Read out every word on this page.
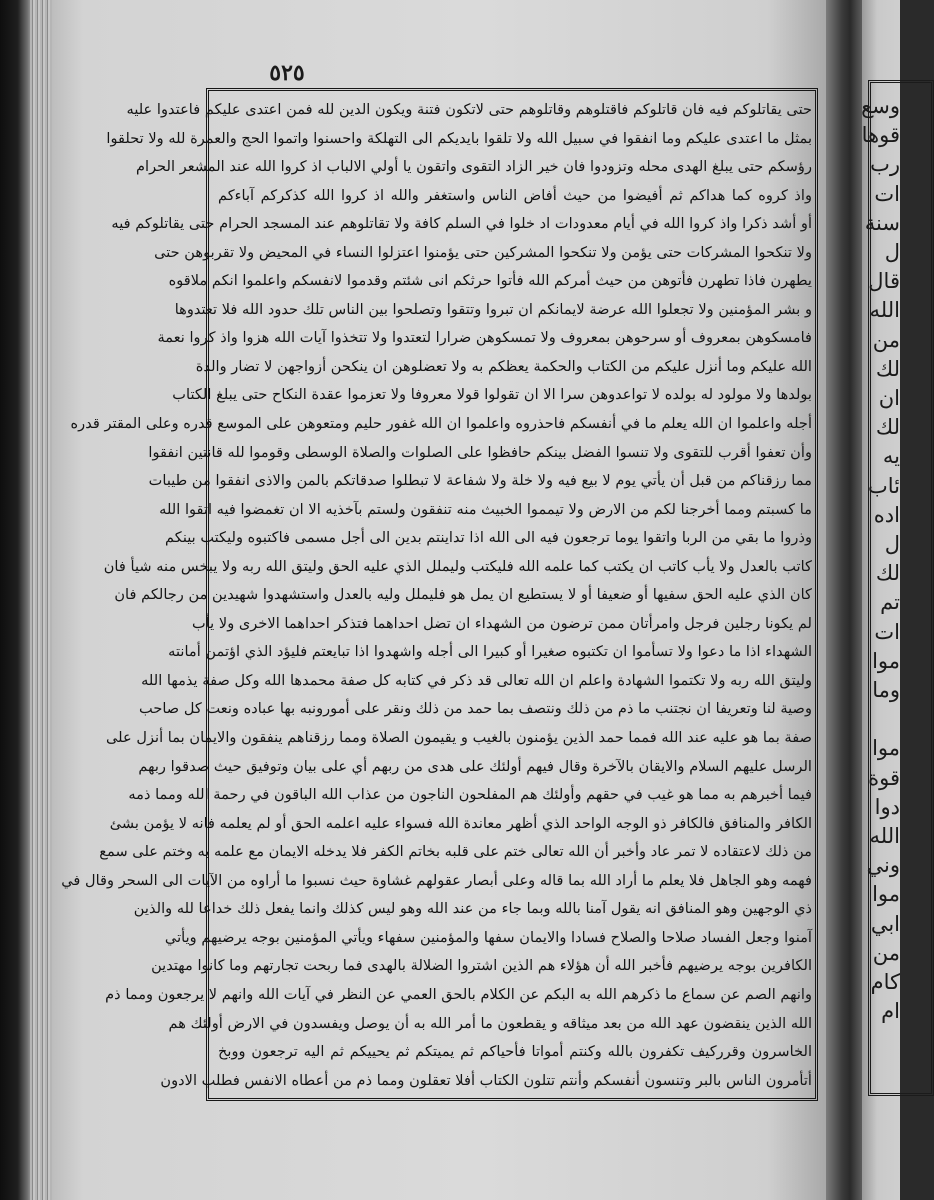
٥٢٥
حتى يقاتلوكم فيه فان قاتلوكم فاقتلوهم وقاتلوهم حتى لاتكون فتنة ويكون الدين لله فمن اعتدى عليكم فاعتدوا عليه
بمثل ما اعتدى عليكم وما انفقوا في سبيل الله ولا تلقوا بايديكم الى التهلكة واحسنوا واتموا الحج والعمرة لله ولا تحلقوا
رؤسكم حتى يبلغ الهدى محله وتزودوا فان خير الزاد التقوى واتقون يا أولي الالباب اذ كروا الله عند المشعر الحرام
واذ كروه كما هداكم ثم أفيضوا من حيث أفاض الناس واستغفر والله اذ كروا الله كذكركم آباءكم
أو أشد ذكرا واذ كروا الله في أيام معدودات اد خلوا في السلم كافة ولا تقاتلوهم عند المسجد الحرام حتى يقاتلوكم فيه
ولا تنكحوا المشركات حتى يؤمن ولا تنكحوا المشركين حتى يؤمنوا اعتزلوا النساء في المحيض ولا تقربوهن حتى
يطهرن فاذا تطهرن فأتوهن من حيث أمركم الله فأتوا حرثكم انى شئتم وقدموا لانفسكم واعلموا انكم ملاقوه
و بشر المؤمنين ولا تجعلوا الله عرضة لايمانكم ان تبروا وتتقوا وتصلحوا بين الناس تلك حدود الله فلا تعتدوها
فامسكوهن بمعروف أو سرحوهن بمعروف ولا تمسكوهن ضرارا لتعتدوا ولا تتخذوا آيات الله هزوا واذ كروا نعمة
الله عليكم وما أنزل عليكم من الكتاب والحكمة يعظكم به ولا تعضلوهن ان ينكحن أزواجهن لا تضار والدة
بولدها ولا مولود له بولده لا تواعدوهن سرا الا ان تقولوا قولا معروفا ولا تعزموا عقدة النكاح حتى يبلغ الكتاب
أجله واعلموا ان الله يعلم ما في أنفسكم فاحذروه واعلموا ان الله غفور حليم ومتعوهن على الموسع قدره وعلى المقتر قدره
وأن تعفوا أقرب للتقوى ولا تنسوا الفضل بينكم حافظوا على الصلوات والصلاة الوسطى وقوموا لله قانتين انفقوا
مما رزقناكم من قبل أن يأتي يوم لا بيع فيه ولا خلة ولا شفاعة لا تبطلوا صدقاتكم بالمن والاذى انفقوا من طيبات
ما كسبتم ومما أخرجنا لكم من الارض ولا تيمموا الخبيث منه تنفقون ولستم بآخذيه الا ان تغمضوا فيه اتقوا الله
وذروا ما بقي من الربا واتقوا يوما ترجعون فيه الى الله اذا تداينتم بدين الى أجل مسمى فاكتبوه وليكتب بينكم
كاتب بالعدل ولا يأب كاتب ان يكتب كما علمه الله فليكتب وليملل الذي عليه الحق وليتق الله ربه ولا يبخس منه شيأ فان
كان الذي عليه الحق سفيها أو ضعيفا أو لا يستطيع ان يمل هو فليملل وليه بالعدل واستشهدوا شهيدين من رجالكم فان
لم يكونا رجلين فرجل وامرأتان ممن ترضون من الشهداء ان تضل احداهما فتذكر احداهما الاخرى ولا يأب
الشهداء اذا ما دعوا ولا تسأموا ان تكتبوه صغيرا أو كبيرا الى أجله واشهدوا اذا تبايعتم فليؤد الذي اؤتمن أمانته
وليتق الله ربه ولا تكتموا الشهادة واعلم ان الله تعالى قد ذكر في كتابه كل صفة محمدها الله وكل صفة يذمها الله
وصية لنا وتعريفا ان نجتنب ما ذم من ذلك ونتصف بما حمد من ذلك ونقر على أمورونبه بها عباده ونعت كل صاحب
صفة بما هو عليه عند الله فمما حمد الذين يؤمنون بالغيب و يقيمون الصلاة ومما رزقناهم ينفقون والايمان بما أنزل على
الرسل عليهم السلام والايقان بالآخرة وقال فيهم أولئك على هدى من ربهم أي على بيان وتوفيق حيث صدقوا ربهم
فيما أخبرهم به مما هو غيب في حقهم وأولئك هم المفلحون الناجون من عذاب الله الباقون في رحمة الله ومما ذمه
الكافر والمنافق فالكافر ذو الوجه الواحد الذي أظهر معاندة الله فسواء عليه اعلمه الحق أو لم يعلمه فانه لا يؤمن بشئ
من ذلك لاعتقاده لا تمر عاد وأخبر أن الله تعالى ختم على قلبه بخاتم الكفر فلا يدخله الايمان مع علمه به وختم على سمع
فهمه وهو الجاهل فلا يعلم ما أراد الله بما قاله وعلى أبصار عقولهم غشاوة حيث نسبوا ما أراوه من الآيات الى السحر وقال في
ذي الوجهين وهو المنافق انه يقول آمنا بالله وبما جاء من عند الله وهو ليس كذلك وانما يفعل ذلك خداعا لله والذين
آمنوا وجعل الفساد صلاحا والصلاح فسادا والايمان سفها والمؤمنين سفهاء ويأتي المؤمنين بوجه يرضيهم ويأتي
الكافرين بوجه يرضيهم فأخبر الله أن هؤلاء هم الذين اشتروا الضلالة بالهدى فما ربحت تجارتهم وما كانوا مهتدين
وانهم الصم عن سماع ما ذكرهم الله به البكم عن الكلام بالحق العمي عن النظر في آيات الله وانهم لا يرجعون ومما ذم
الله الذين ينقضون عهد الله من بعد ميثاقه و يقطعون ما أمر الله به أن يوصل ويفسدون في الارض أولئك هم
الخاسرون وقرركيف تكفرون بالله وكنتم أمواتا فأحياكم ثم يميتكم ثم يحييكم ثم اليه ترجعون ووبخ
أتأمرون الناس بالبر وتنسون أنفسكم وأنتم تتلون الكتاب أفلا تعقلون ومما ذم من أعطاه الانفس فطلب الادون
وسع
قوها
رب
ات
سنة
ل
قال
الله
من
لك
ان
لك
يه
ئاب
اده
ل
لك
تم
ات
موا
وما

موا
قوة
دوا
الله
وني
موا
ابي
من
كام
ام
